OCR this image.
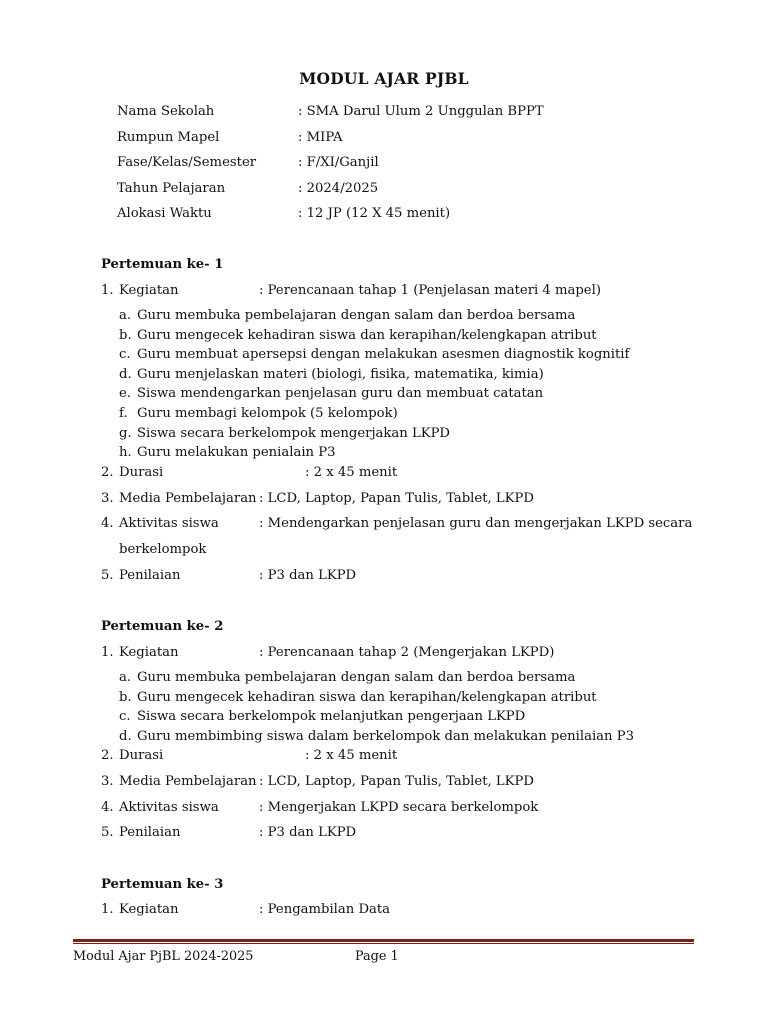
MODUL AJAR PJBL
Nama Sekolah	: SMA Darul Ulum 2 Unggulan BPPT
Rumpun Mapel	: MIPA
Fase/Kelas/Semester	: F/XI/Ganjil
Tahun Pelajaran	: 2024/2025
Alokasi Waktu	: 12 JP (12 X 45 menit)
Pertemuan ke- 1
1. Kegiatan	: Perencanaan tahap 1 (Penjelasan materi 4 mapel)
a. Guru membuka pembelajaran dengan salam dan berdoa bersama
b. Guru mengecek kehadiran siswa dan kerapihan/kelengkapan atribut
c. Guru membuat apersepsi dengan melakukan asesmen diagnostik kognitif
d. Guru menjelaskan materi (biologi, fisika, matematika, kimia)
e. Siswa mendengarkan penjelasan guru dan membuat catatan
f. Guru membagi kelompok (5 kelompok)
g. Siswa secara berkelompok mengerjakan LKPD
h. Guru melakukan penialain P3
2. Durasi	: 2 x 45 menit
3. Media Pembelajaran : LCD, Laptop, Papan Tulis, Tablet, LKPD
4. Aktivitas siswa	: Mendengarkan penjelasan guru dan mengerjakan LKPD secara
berkelompok
5. Penilaian	: P3 dan LKPD
Pertemuan ke- 2
1. Kegiatan	: Perencanaan tahap 2 (Mengerjakan LKPD)
a. Guru membuka pembelajaran dengan salam dan berdoa bersama
b. Guru mengecek kehadiran siswa dan kerapihan/kelengkapan atribut
c. Siswa secara berkelompok melanjutkan pengerjaan LKPD
d. Guru membimbing siswa dalam berkelompok dan melakukan penilaian P3
2. Durasi	: 2 x 45 menit
3. Media Pembelajaran : LCD, Laptop, Papan Tulis, Tablet, LKPD
4. Aktivitas siswa	: Mengerjakan LKPD secara berkelompok
5. Penilaian	: P3 dan LKPD
Pertemuan ke- 3
1. Kegiatan	: Pengambilan Data
Modul Ajar PjBL 2024-2025	Page 1
